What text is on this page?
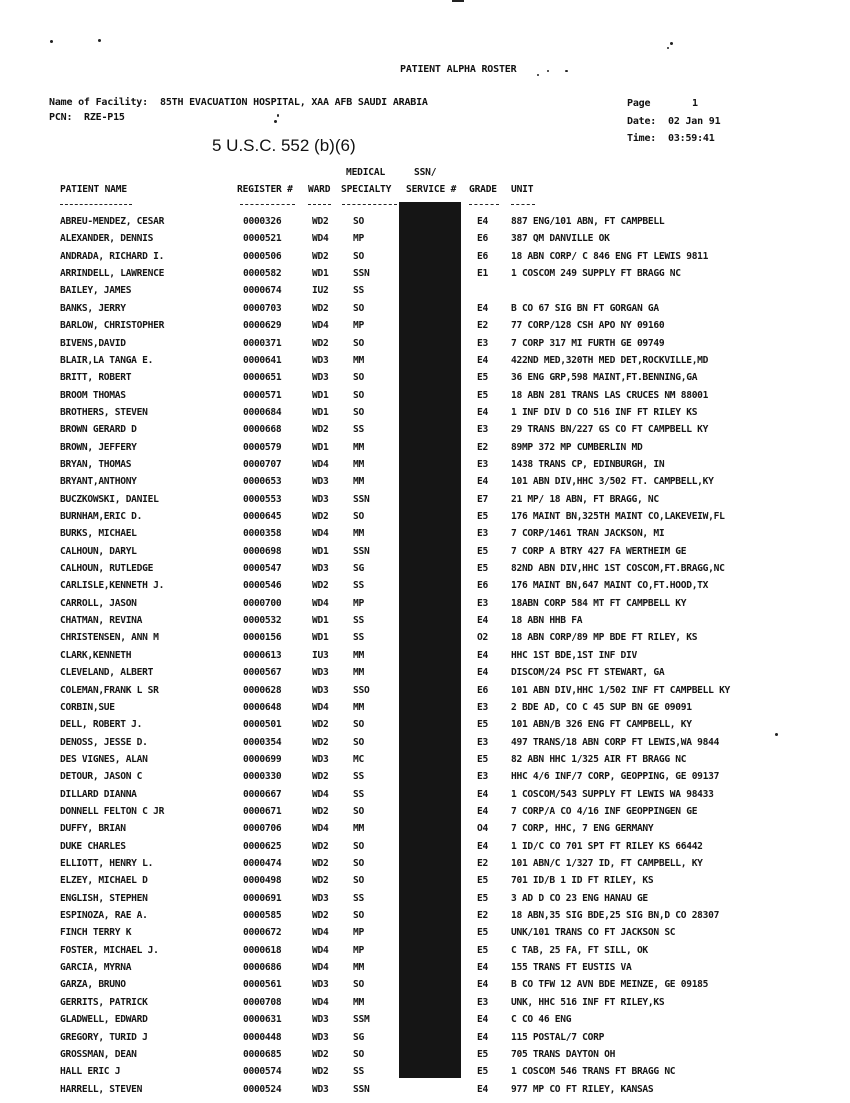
PATIENT ALPHA ROSTER
Name of Facility: 85TH EVACUATION HOSPITAL, XAA AFB SAUDI ARABIA
PCN: RZE-P15
Page	1
Date: 02 Jan 91
Time: 03:59:41
5 U.S.C. 552 (b)(6)
MEDICAL	SSN/
PATIENT NAME	REGISTER # WARD SPECIALTY SERVICE # GRADE UNIT
ABREU-MENDEZ, CESAR	0000326	WD2	SO	E4 887 ENG/101 ABN, FT CAMPBELL
ALEXANDER, DENNIS	0000521	WD4	MP	E6 387 QM DANVILLE OK
ANDRADA, RICHARD I.	0000506	WD2	SO	E6 18 ABN CORP/ C 846 ENG FT LEWIS 9811
ARRINDELL, LAWRENCE	0000582	WD1	SSN	E1 1 COSCOM 249 SUPPLY FT BRAGG NC
BAILEY, JAMES	0000674	IU2	SS
BANKS, JERRY	0000703	WD2	SO	E4 B CO 67 SIG BN FT GORGAN GA
BARLOW, CHRISTOPHER	0000629	WD4	MP	E2 77 CORP/128 CSH APO NY 09160
BIVENS,DAVID	0000371	WD2	SO	E3 7 CORP 317 MI FURTH GE 09749
BLAIR,LA TANGA E.	0000641	WD3	MM	E4 422ND MED,320TH MED DET,ROCKVILLE,MD
BRITT, ROBERT	0000651	WD3	SO	E5 36 ENG GRP,598 MAINT,FT.BENNING,GA
BROOM THOMAS	0000571	WD1	SO	E5 18 ABN 281 TRANS LAS CRUCES NM 88001
BROTHERS, STEVEN	0000684	WD1	SO	E4 1 INF DIV D CO 516 INF FT RILEY KS
BROWN GERARD D	0000668	WD2	SS	E3 29 TRANS BN/227 GS CO FT CAMPBELL KY
BROWN, JEFFERY	0000579	WD1	MM	E2 89MP 372 MP CUMBERLIN MD
BRYAN, THOMAS	0000707	WD4	MM	E3 1438 TRANS CP, EDINBURGH, IN
BRYANT,ANTHONY	0000653	WD3	MM	E4 101 ABN DIV,HHC 3/502 FT. CAMPBELL,KY
BUCZKOWSKI, DANIEL	0000553	WD3	SSN	E7 21 MP/ 18 ABN, FT BRAGG, NC
BURNHAM,ERIC D.	0000645	WD2	SO	E5 176 MAINT BN,325TH MAINT CO,LAKEVEIW,FL
BURKS, MICHAEL	0000358	WD4	MM	E3 7 CORP/1461 TRAN JACKSON, MI
CALHOUN, DARYL	0000698	WD1	SSN	E5 7 CORP A BTRY 427 FA WERTHEIM GE
CALHOUN, RUTLEDGE	0000547	WD3	SG	E5 82ND ABN DIV,HHC 1ST COSCOM,FT.BRAGG,NC
CARLISLE,KENNETH J.	0000546	WD2	SS	E6 176 MAINT BN,647 MAINT CO,FT.HOOD,TX
CARROLL, JASON	0000700	WD4	MP	E3 18ABN CORP 584 MT FT CAMPBELL KY
CHATMAN, REVINA	0000532	WD1	SS	E4 18 ABN HHB FA
CHRISTENSEN, ANN M	0000156	WD1	SS	O2 18 ABN CORP/89 MP BDE FT RILEY, KS
CLARK,KENNETH	0000613	IU3	MM	E4 HHC 1ST BDE,1ST INF DIV
CLEVELAND, ALBERT	0000567	WD3	MM	E4 DISCOM/24 PSC FT STEWART, GA
COLEMAN,FRANK L SR	0000628	WD3	SSO	E6 101 ABN DIV,HHC 1/502 INF FT CAMPBELL KY
CORBIN,SUE	0000648	WD4	MM	E3 2 BDE AD, CO C 45 SUP BN GE 09091
DELL, ROBERT J.	0000501	WD2	SO	E5 101 ABN/B 326 ENG FT CAMPBELL, KY
DENOSS, JESSE D.	0000354	WD2	SO	E3 497 TRANS/18 ABN CORP FT LEWIS,WA 9844
DES VIGNES, ALAN	0000699	WD3	MC	E5 82 ABN HHC 1/325 AIR FT BRAGG NC
DETOUR, JASON C	0000330	WD2	SS	E3 HHC 4/6 INF/7 CORP, GEOPPING, GE 09137
DILLARD DIANNA	0000667	WD4	SS	E4 1 COSCOM/543 SUPPLY FT LEWIS WA 98433
DONNELL FELTON C JR	0000671	WD2	SO	E4 7 CORP/A CO 4/16 INF GEOPPINGEN GE
DUFFY, BRIAN	0000706	WD4	MM	O4 7 CORP, HHC, 7 ENG GERMANY
DUKE CHARLES	0000625	WD2	SO	E4 1 ID/C CO 701 SPT FT RILEY KS 66442
ELLIOTT, HENRY L.	0000474	WD2	SO	E2 101 ABN/C 1/327 ID, FT CAMPBELL, KY
ELZEY, MICHAEL D	0000498	WD2	SO	E5 701 ID/B 1 ID FT RILEY, KS
ENGLISH, STEPHEN	0000691	WD3	SS	E5 3 AD D CO 23 ENG HANAU GE
ESPINOZA, RAE A.	0000585	WD2	SO	E2 18 ABN,35 SIG BDE,25 SIG BN,D CO 28307
FINCH TERRY K	0000672	WD4	MP	E5 UNK/101 TRANS CO FT JACKSON SC
FOSTER, MICHAEL J.	0000618	WD4	MP	E5 C TAB, 25 FA, FT SILL, OK
GARCIA, MYRNA	0000686	WD4	MM	E4 155 TRANS FT EUSTIS VA
GARZA, BRUNO	0000561	WD3	SO	E4 B CO TFW 12 AVN BDE MEINZE, GE 09185
GERRITS, PATRICK	0000708	WD4	MM	E3 UNK, HHC 516 INF FT RILEY,KS
GLADWELL, EDWARD	0000631	WD3	SSM	E4 C CO 46 ENG
GREGORY, TURID J	0000448	WD3	SG	E4 115 POSTAL/7 CORP
GROSSMAN, DEAN	0000685	WD2	SO	E5 705 TRANS DAYTON OH
HALL ERIC J	0000574	WD2	SS	E5 1 COSCOM 546 TRANS FT BRAGG NC
HARRELL, STEVEN	0000524	WD3	SSN	E4 977 MP CO FT RILEY, KANSAS
